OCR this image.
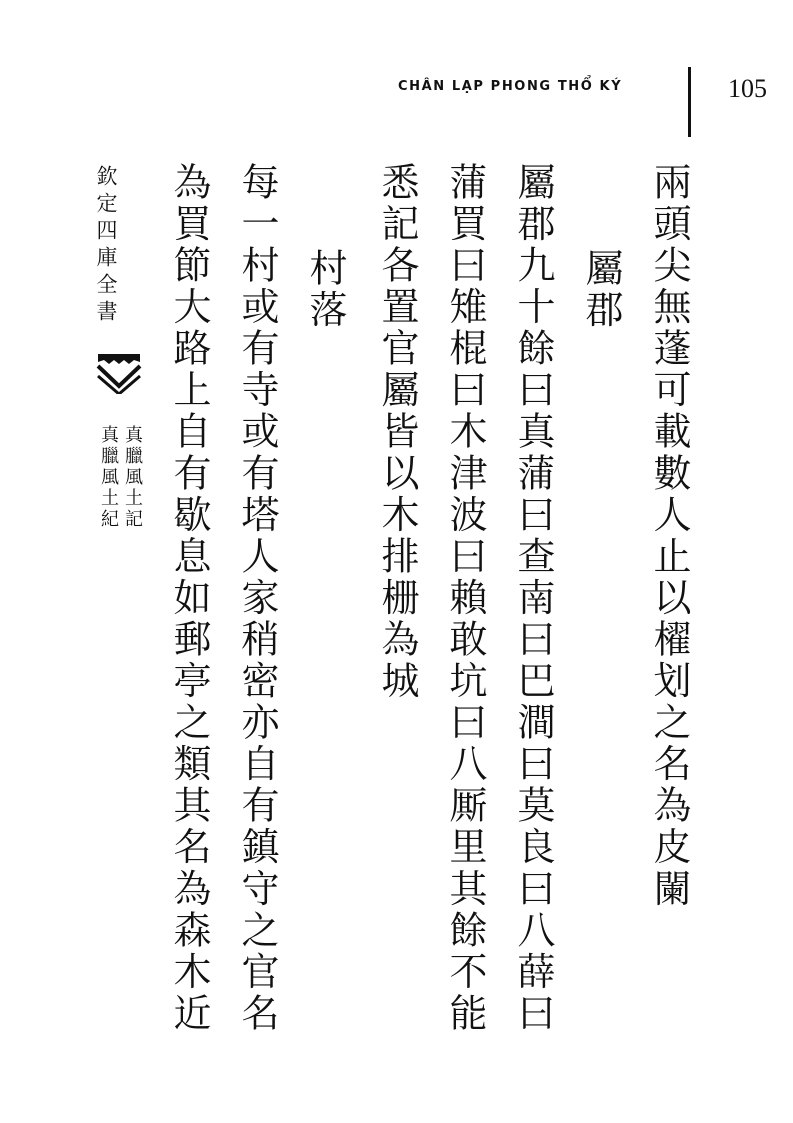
CHÂN LẠP PHONG THỔ KÝ	105
兩頭尖無蓬可載數人止以櫂划之名為皮闌
屬郡
屬郡九十餘曰真蒲曰查南曰巴澗曰莫良曰八薛曰
蒲買曰雉棍曰木津波曰賴敢坑曰八厮里其餘不能
悉記各置官屬皆以木排栅為城
村落
每一村或有寺或有塔人家稍密亦自有鎮守之官名
為買節大路上自有歇息如郵亭之類其名為森木近
欽定四庫全書
真臘風土記
真臘風土紀
